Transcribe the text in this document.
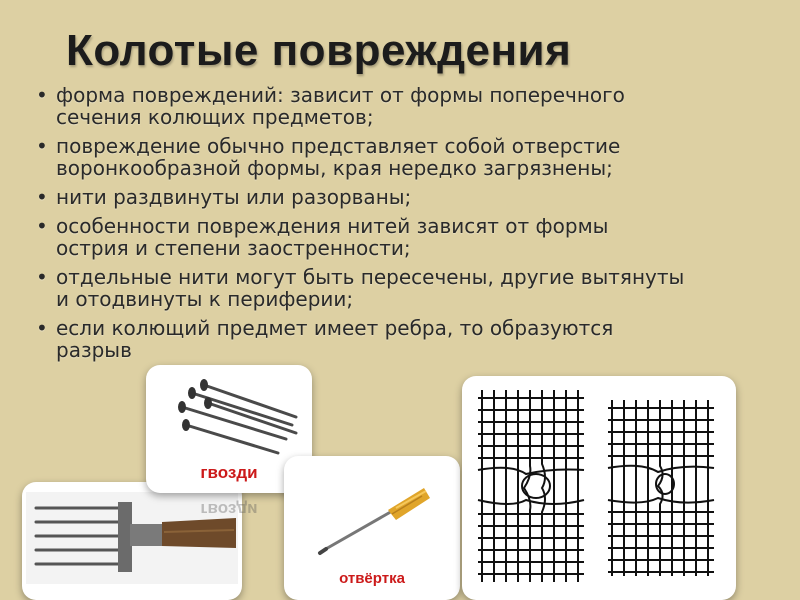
Колотые повреждения
• форма повреждений: зависит от формы поперечного
сечения колющих предметов;
• повреждение обычно представляет собой отверстие
воронкообразной формы, края нередко загрязнены;
• нити раздвинуты или разорваны;
• особенности повреждения нитей зависят от формы
острия и степени заостренности;
• отдельные нити могут быть пересечены, другие вытянуты
и отодвинуты к периферии;
• если колющий предмет имеет ребра, то образуются
разрыв
гвозди
гвозди
отвёртка
